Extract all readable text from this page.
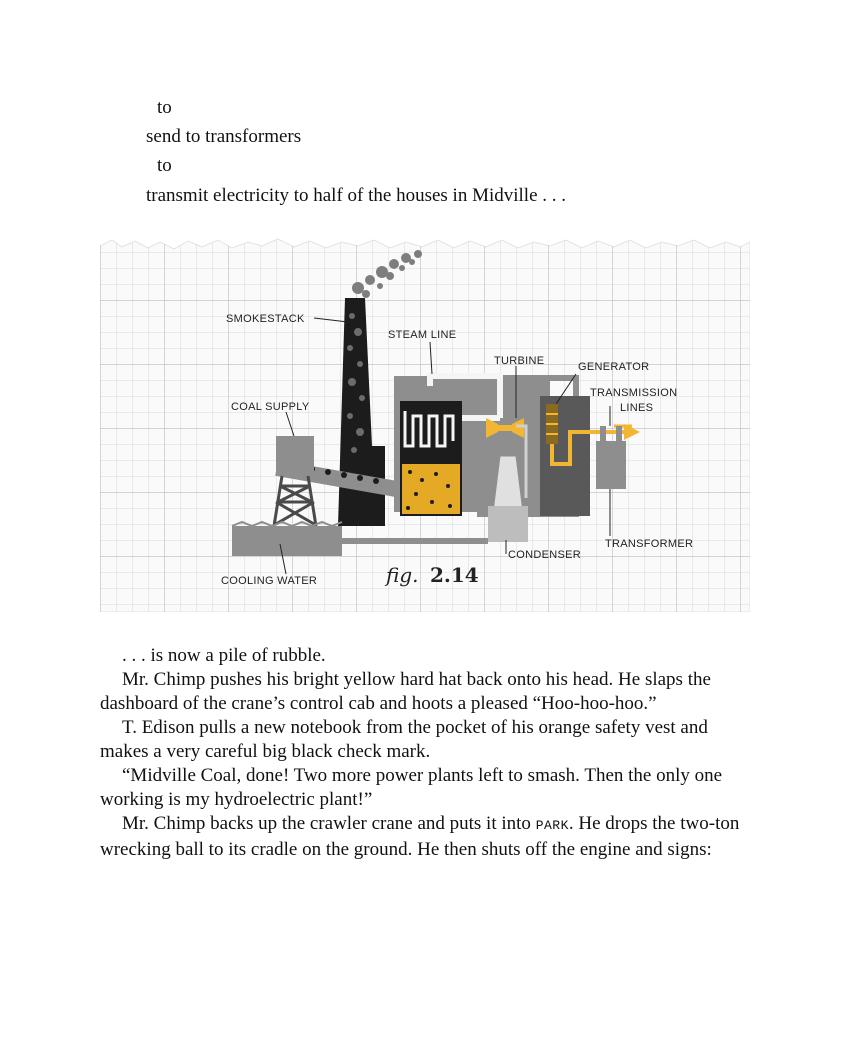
to
send to transformers
to
transmit electricity to half of the houses in Midville . . .
SMOKESTACK
STEAM LINE
TURBINE	GENERATOR
TRANSMISSION
LINES
COAL SUPPLY
CONDENSER
TRANSFORMER
COOLING WATER	fig. 2.14

. . . is now a pile of rubble.

Mr. Chimp pushes his bright yellow hard hat back onto his head. He slaps the dashboard of the crane’s control cab and hoots a pleased “Hoo-hoo-hoo.”

T. Edison pulls a new notebook from the pocket of his orange safety vest and makes a very careful big black check mark.

“Midville Coal, done! Two more power plants left to smash. Then the only one working is my hydroelectric plant!”

Mr. Chimp backs up the crawler crane and puts it into PARK. He drops the two-ton wrecking ball to its cradle on the ground. He then shuts off the engine and signs:
